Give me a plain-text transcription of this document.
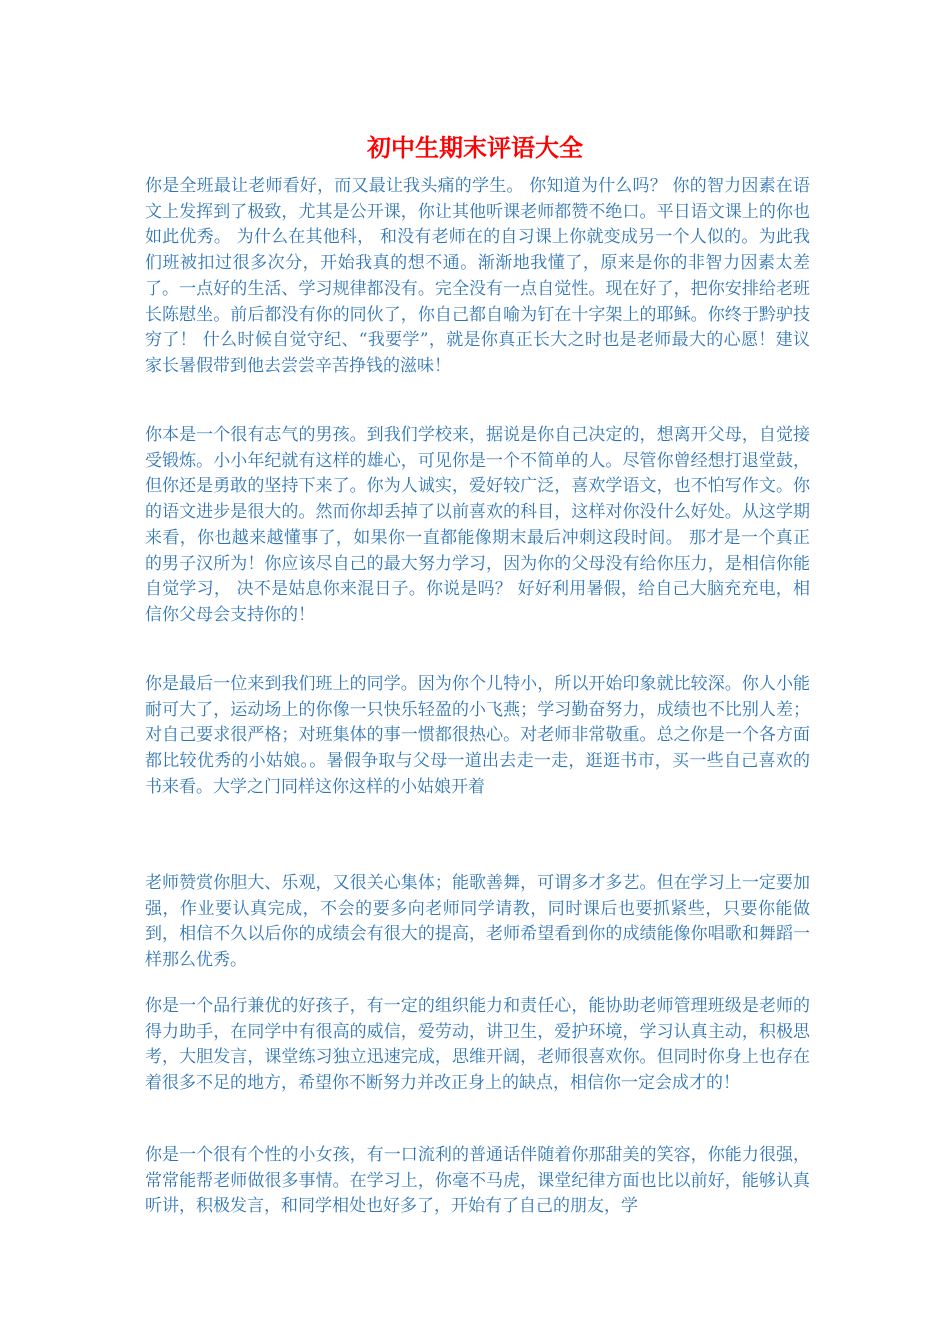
初中生期末评语大全

你是全班最让老师看好，而又最让我头痛的学生。 你知道为什么吗？ 你的智力因素在语文上发挥到了极致，尤其是公开课，你让其他听课老师都赞不绝口。平日语文课上的你也如此优秀。 为什么在其他科， 和没有老师在的自习课上你就变成另一个人似的。为此我们班被扣过很多次分，开始我真的想不通。渐渐地我懂了，原来是你的非智力因素太差了。一点好的生活、学习规律都没有。完全没有一点自觉性。现在好了，把你安排给老班长陈慰坐。前后都没有你的同伙了，你自己都自喻为钉在十字架上的耶稣。你终于黔驴技穷了！ 什么时候自觉守纪、“我要学”，就是你真正长大之时也是老师最大的心愿！建议家长暑假带到他去尝尝辛苦挣钱的滋味！

你本是一个很有志气的男孩。到我们学校来，据说是你自己决定的，想离开父母，自觉接受锻炼。小小年纪就有这样的雄心，可见你是一个不简单的人。尽管你曾经想打退堂鼓，但你还是勇敢的坚持下来了。你为人诚实，爱好较广泛，喜欢学语文，也不怕写作文。你的语文进步是很大的。然而你却丢掉了以前喜欢的科目，这样对你没什么好处。从这学期来看，你也越来越懂事了，如果你一直都能像期末最后冲刺这段时间。 那才是一个真正的男子汉所为！你应该尽自己的最大努力学习，因为你的父母没有给你压力，是相信你能自觉学习， 决不是姑息你来混日子。你说是吗？ 好好利用暑假，给自己大脑充充电，相信你父母会支持你的！

你是最后一位来到我们班上的同学。因为你个儿特小，所以开始印象就比较深。你人小能耐可大了，运动场上的你像一只快乐轻盈的小飞燕；学习勤奋努力，成绩也不比别人差；对自己要求很严格；对班集体的事一惯都很热心。对老师非常敬重。总之你是一个各方面都比较优秀的小姑娘。。暑假争取与父母一道出去走一走，逛逛书市，买一些自己喜欢的书来看。大学之门同样这你这样的小姑娘开着

老师赞赏你胆大、乐观，又很关心集体；能歌善舞，可谓多才多艺。但在学习上一定要加强，作业要认真完成，不会的要多向老师同学请教，同时课后也要抓紧些，只要你能做到，相信不久以后你的成绩会有很大的提高，老师希望看到你的成绩能像你唱歌和舞蹈一样那么优秀。

你是一个品行兼优的好孩子，有一定的组织能力和责任心，能协助老师管理班级是老师的得力助手，在同学中有很高的威信，爱劳动，讲卫生，爱护环境，学习认真主动，积极思考，大胆发言，课堂练习独立迅速完成，思维开阔，老师很喜欢你。但同时你身上也存在着很多不足的地方，希望你不断努力并改正身上的缺点，相信你一定会成才的！

你是一个很有个性的小女孩，有一口流利的普通话伴随着你那甜美的笑容，你能力很强，常常能帮老师做很多事情。在学习上，你毫不马虎，课堂纪律方面也比以前好，能够认真听讲，积极发言，和同学相处也好多了，开始有了自己的朋友，学
